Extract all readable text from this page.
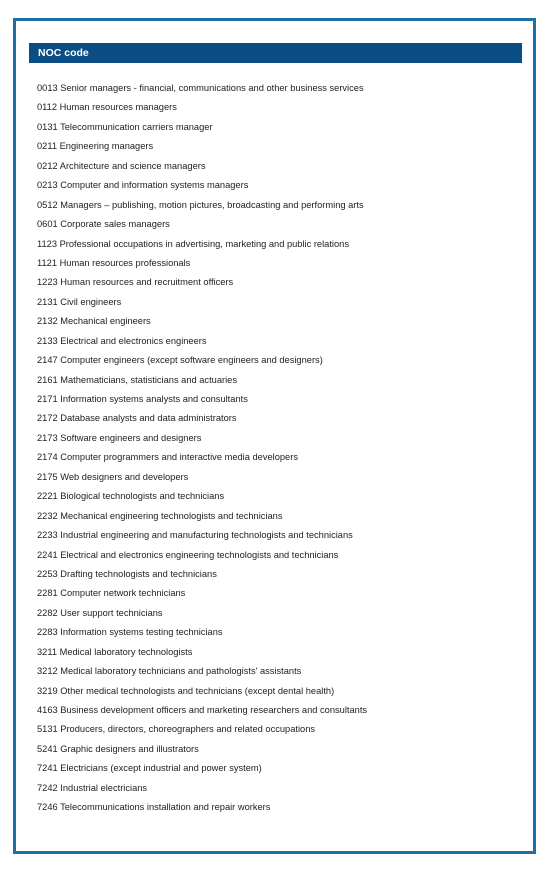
NOC code
0013 Senior managers - financial, communications and other business services
0112 Human resources managers
0131 Telecommunication carriers manager
0211 Engineering managers
0212 Architecture and science managers
0213 Computer and information systems managers
0512 Managers – publishing, motion pictures, broadcasting and performing arts
0601 Corporate sales managers
1123 Professional occupations in advertising, marketing and public relations
1121 Human resources professionals
1223 Human resources and recruitment officers
2131 Civil engineers
2132 Mechanical engineers
2133 Electrical and electronics engineers
2147 Computer engineers (except software engineers and designers)
2161 Mathematicians, statisticians and actuaries
2171 Information systems analysts and consultants
2172 Database analysts and data administrators
2173 Software engineers and designers
2174 Computer programmers and interactive media developers
2175 Web designers and developers
2221 Biological technologists and technicians
2232 Mechanical engineering technologists and technicians
2233 Industrial engineering and manufacturing technologists and technicians
2241 Electrical and electronics engineering technologists and technicians
2253 Drafting technologists and technicians
2281 Computer network technicians
2282 User support technicians
2283 Information systems testing technicians
3211 Medical laboratory technologists
3212 Medical laboratory technicians and pathologists' assistants
3219 Other medical technologists and technicians (except dental health)
4163 Business development officers and marketing researchers and consultants
5131 Producers, directors, choreographers and related occupations
5241 Graphic designers and illustrators
7241 Electricians (except industrial and power system)
7242 Industrial electricians
7246 Telecommunications installation and repair workers
